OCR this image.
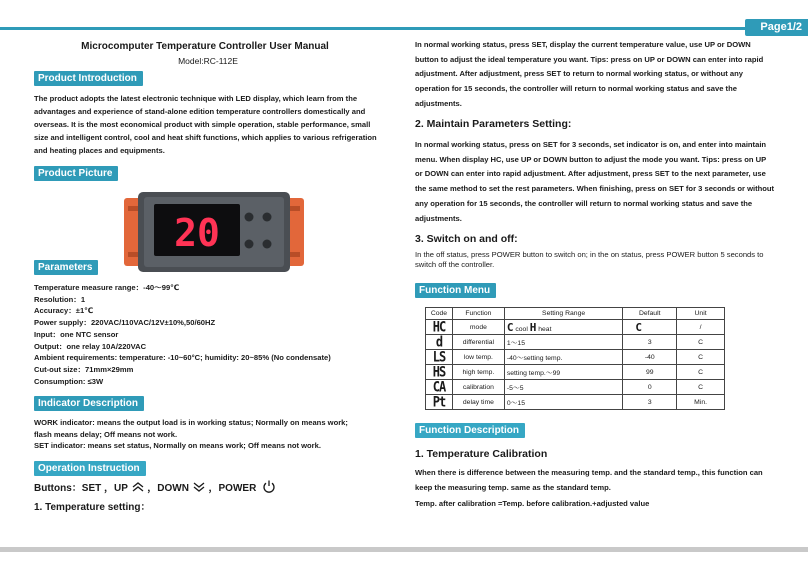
Page1/2
Microcomputer Temperature Controller User Manual
Model:RC-112E
Product Introduction
The product adopts the latest electronic technique with LED display, which learn from the advantages and experience of stand-alone edition temperature controllers domestically and overseas. It is the most economical product with simple operation, stable performance, small size and intelligent control, cool and heat shift functions, which applies to various refrigeration and heating places and equipments.
Product Picture
20
Parameters
Temperature measure range：-40～99℃
Resolution：1
Accuracy：±1℃
Power supply：220VAC/110VAC/12V±10%,50/60HZ
Input：one NTC sensor
Output：one relay 10A/220VAC
Ambient requirements: temperature: -10~60°C; humidity: 20~85% (No condensate)
Cut-out size：71mm×29mm
Consumption: ≤3W
Indicator Description
WORK indicator: means the output load is in working status; Normally on means work;
flash means delay; Off means not work.
SET indicator: means set status, Normally on means work; Off means not work.
Operation Instruction
Buttons：SET ，UP ，DOWN ，POWER
1. Temperature setting：
In normal working status, press SET, display the current temperature value, use UP or DOWN button to adjust the ideal temperature you want. Tips: press on UP or DOWN can enter into rapid adjustment. After adjustment, press SET to return to normal working status, or without any operation for 15 seconds, the controller will return to normal working status and save the adjustments.
2. Maintain Parameters Setting:
In normal working status, press on SET for 3 seconds, set indicator is on, and enter into maintain menu. When display HC, use UP or DOWN button to adjust the mode you want. Tips: press on UP or DOWN can enter into rapid adjustment. After adjustment, press SET to the next parameter, use the same method to set the rest parameters. When finishing, press on SET for 3 seconds or without any operation for 15 seconds, the controller will return to normal working status and save the adjustments.
3. Switch on and off:
In the off status, press POWER button to switch on; in the on status, press POWER button 5 seconds to switch off the controller.
Function Menu
Code	Function	Setting Range	Default	Unit
HC	mode	C cool H heat	C	/
d	differential	1～15	3	C
LS	low temp.	-40～setting temp.	-40	C
HS	high temp.	setting temp.～99	99	C
CA	calibration	-5～5	0	C
Pt	delay time	0～15	3	Min.
Function Description
1. Temperature Calibration
When there is difference between the measuring temp. and the standard temp., this function can keep the measuring temp. same as the standard temp.
Temp. after calibration =Temp. before calibration.+adjusted value
